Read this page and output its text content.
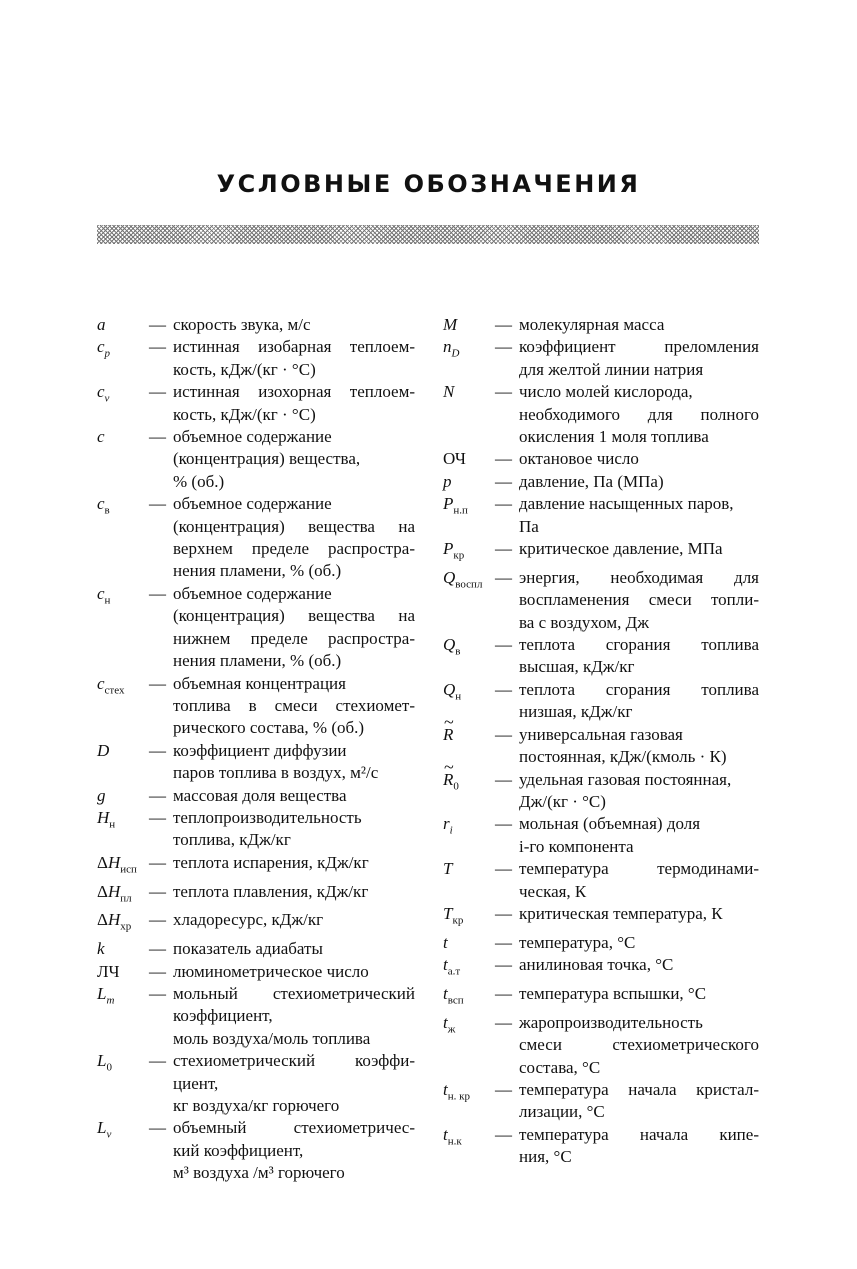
УСЛОВНЫЕ ОБОЗНАЧЕНИЯ
a	— скорость звука, м/с
$c_p$	— истинная изобарная теплоем-
кость, кДж/(кг · °С)
$c_v$	— истинная изохорная теплоем-
кость, кДж/(кг · °С)
c	— объемное содержание
(концентрация) вещества,
% (об.)
$c_в$	— объемное содержание
(концентрация) вещества на
верхнем пределе распростра-
нения пламени, % (об.)
$c_н$	— объемное содержание
(концентрация) вещества на
нижнем пределе распростра-
нения пламени, % (об.)
$c_{стех}$	— объемная концентрация
топлива в смеси стехиомет-
рического состава, % (об.)
D	— коэффициент диффузии
паров топлива в воздух, м²/с
g	— массовая доля вещества
$H_н$	— теплопроизводительность
топлива, кДж/кг
$\Delta H_{исп}$ — теплота испарения, кДж/кг
$\Delta H_{пл}$	— теплота плавления, кДж/кг
$\Delta H_{хр}$	— хладоресурс, кДж/кг
k	— показатель адиабаты
ЛЧ	— люминометрическое число
$L_m$	— мольный стехиометрический
коэффициент,
моль воздуха/моль топлива
$L_0$	— стехиометрический коэффи-
циент,
кг воздуха/кг горючего
$L_v$	— объемный стехиометричес-
кий коэффициент,
м³ воздуха /м³ горючего
M	— молекулярная масса
$n_D$	— коэффициент преломления
для желтой линии натрия
N	— число молей кислорода,
необходимого для полного
окисления 1 моля топлива
ОЧ	— октановое число
p	— давление, Па (МПа)
$P_{н.п}$	— давление насыщенных паров,
Па
$P_{кр}$	— критическое давление, МПа
$Q_{воспл}$ — энергия, необходимая для
воспламенения смеси топли-
ва с воздухом, Дж
$Q_в$	— теплота сгорания топлива
высшая, кДж/кг
$Q_н$	— теплота сгорания топлива
низшая, кДж/кг
~ R	— универсальная газовая
постоянная, кДж/(кмоль · К)
~ $R_0$	— удельная газовая постоянная,
Дж/(кг · °С)
$r_i$	— мольная (объемная) доля
i-го компонента
T	— температура термодинами-
ческая, К
$T_{кр}$	— критическая температура, К
t	— температура, °С
$t_{а.т}$	— анилиновая точка, °С
$t_{всп}$	— температура вспышки, °С
$t_ж$	— жаропроизводительность
смеси стехиометрического
состава, °С
$t_{н. кр}$	— температура начала кристал-
лизации, °С
$t_{н.к}$	— температура начала кипе-
ния, °С
